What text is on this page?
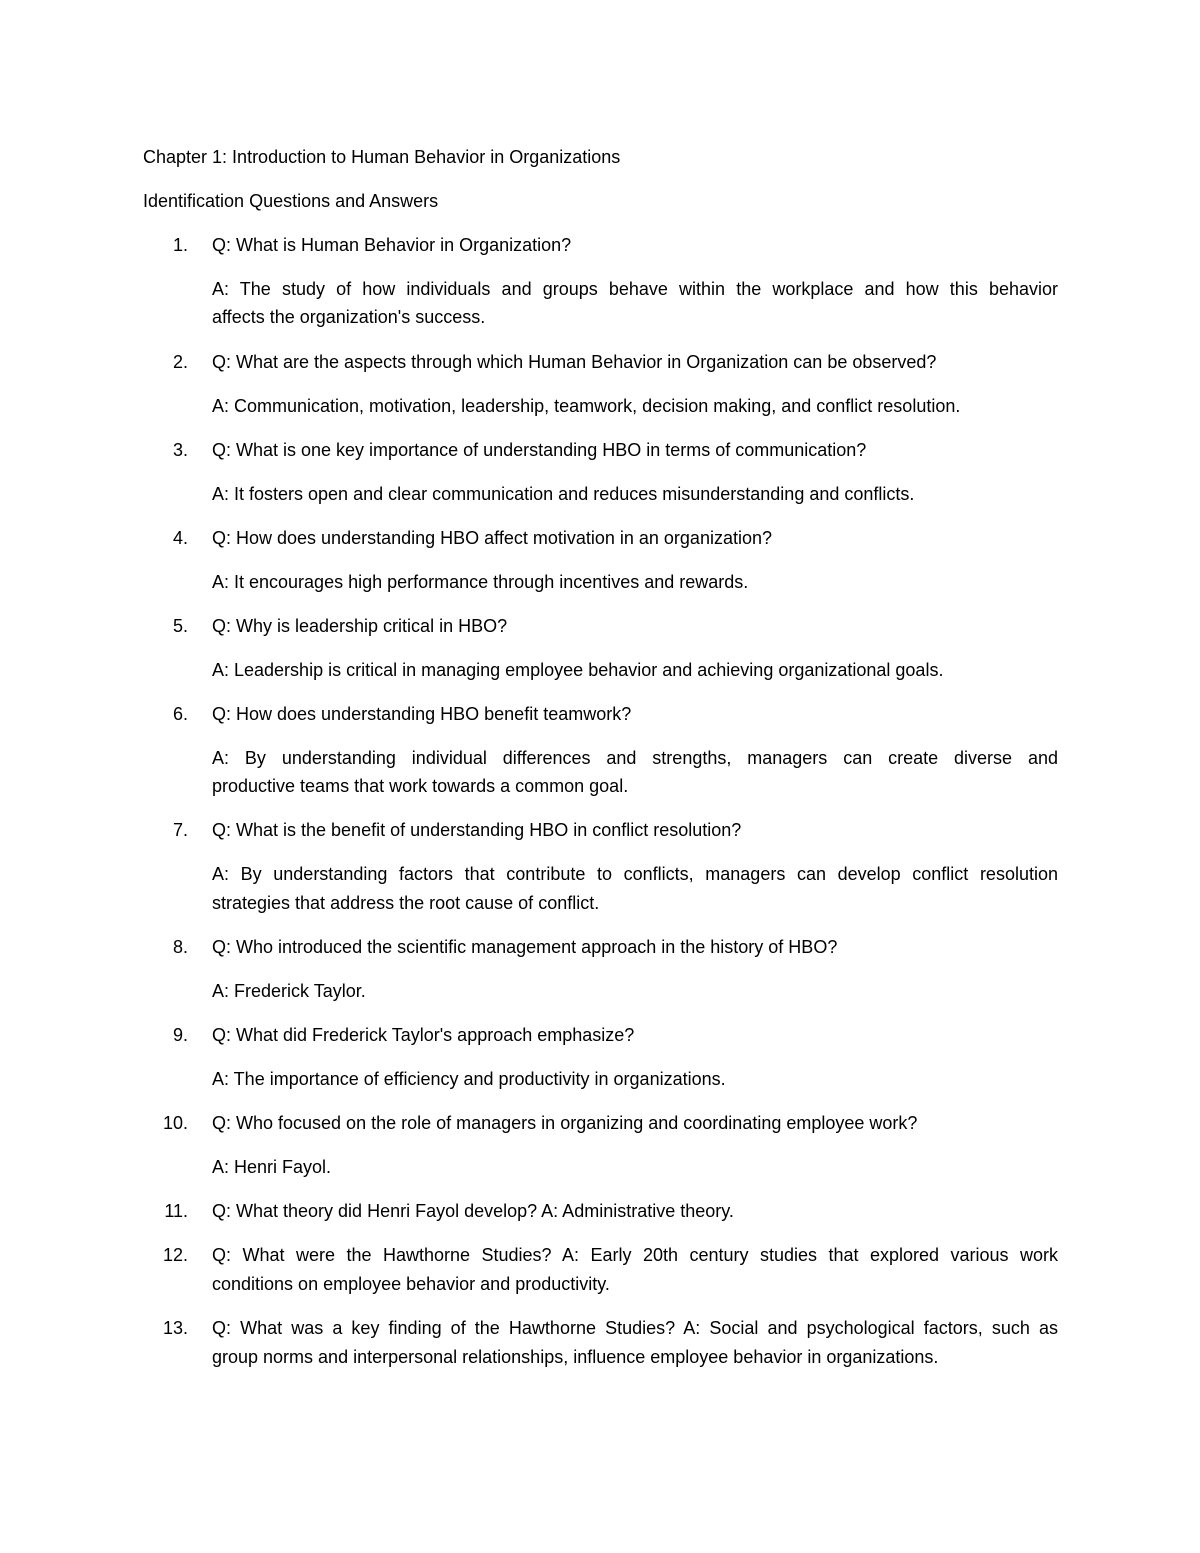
Chapter 1: Introduction to Human Behavior in Organizations
Identification Questions and Answers
1. Q: What is Human Behavior in Organization?
A: The study of how individuals and groups behave within the workplace and how this behavior
affects the organization's success.
2. Q: What are the aspects through which Human Behavior in Organization can be observed?
A: Communication, motivation, leadership, teamwork, decision making, and conflict resolution.
3. Q: What is one key importance of understanding HBO in terms of communication?
A: It fosters open and clear communication and reduces misunderstanding and conflicts.
4. Q: How does understanding HBO affect motivation in an organization?
A: It encourages high performance through incentives and rewards.
5. Q: Why is leadership critical in HBO?
A: Leadership is critical in managing employee behavior and achieving organizational goals.
6. Q: How does understanding HBO benefit teamwork?
A: By understanding individual differences and strengths, managers can create diverse and
productive teams that work towards a common goal.
7. Q: What is the benefit of understanding HBO in conflict resolution?
A: By understanding factors that contribute to conflicts, managers can develop conflict resolution
strategies that address the root cause of conflict.
8. Q: Who introduced the scientific management approach in the history of HBO?
A: Frederick Taylor.
9. Q: What did Frederick Taylor's approach emphasize?
A: The importance of efficiency and productivity in organizations.
10. Q: Who focused on the role of managers in organizing and coordinating employee work?
A: Henri Fayol.
11. Q: What theory did Henri Fayol develop? A: Administrative theory.
12. Q: What were the Hawthorne Studies? A: Early 20th century studies that explored various work
conditions on employee behavior and productivity.
13. Q: What was a key finding of the Hawthorne Studies? A: Social and psychological factors, such as
group norms and interpersonal relationships, influence employee behavior in organizations.
